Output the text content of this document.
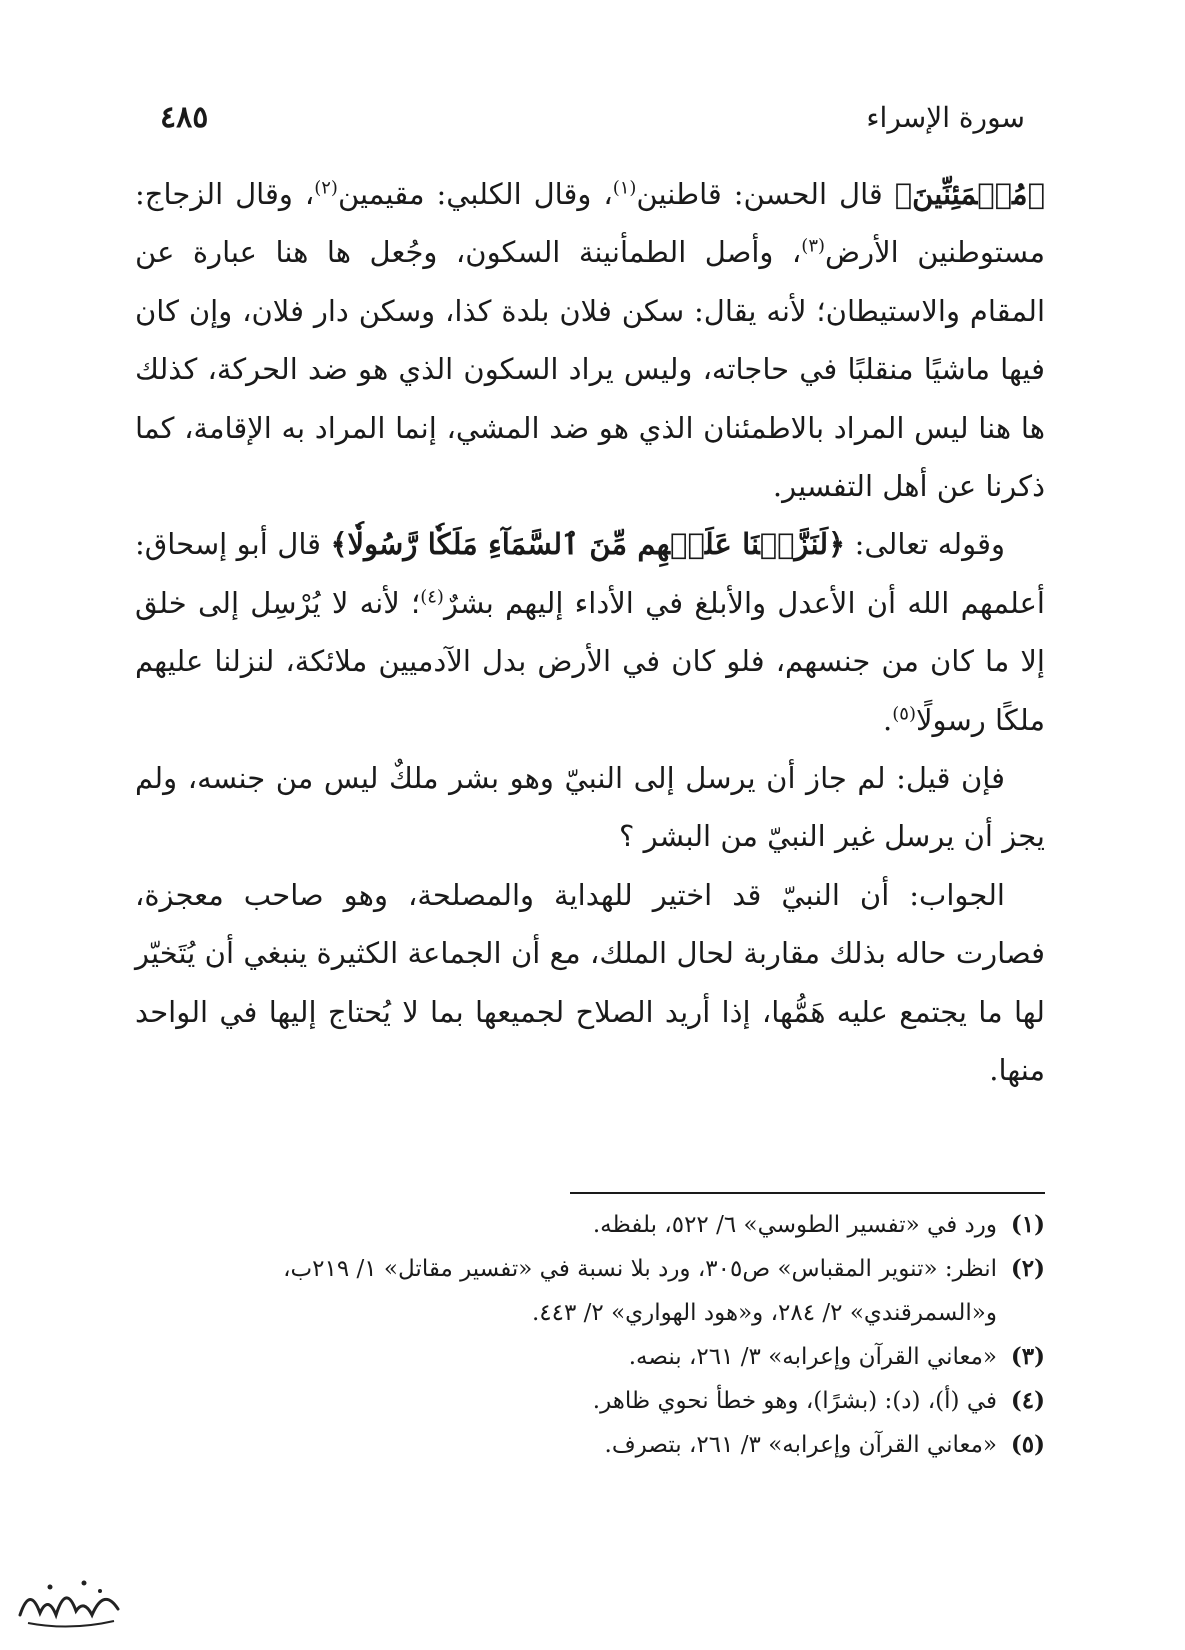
سورة الإسراء
٤٨٥

﴿مُطۡمَئِنِّينَ﴾ قال الحسن: قاطنين$^{(١)}$، وقال الكلبي: مقيمين$^{(٢)}$، وقال الزجاج: مستوطنين الأرض$^{(٣)}$، وأصل الطمأنينة السكون، وجُعل ها هنا عبارة عن المقام والاستيطان؛ لأنه يقال: سكن فلان بلدة كذا، وسكن دار فلان، وإن كان فيها ماشيًا منقلبًا في حاجاته، وليس يراد السكون الذي هو ضد الحركة، كذلك ها هنا ليس المراد بالاطمئنان الذي هو ضد المشي، إنما المراد به الإقامة، كما ذكرنا عن أهل التفسير.

وقوله تعالى: ﴿لَنَزَّلۡنَا عَلَيۡهِم مِّنَ ٱلسَّمَآءِ مَلَكٗا رَّسُولٗا﴾ قال أبو إسحاق: أعلمهم الله أن الأعدل والأبلغ في الأداء إليهم بشرٌ$^{(٤)}$؛ لأنه لا يُرْسِل إلى خلق إلا ما كان من جنسهم، فلو كان في الأرض بدل الآدميين ملائكة، لنزلنا عليهم ملكًا رسولًا$^{(٥)}$.

فإن قيل: لم جاز أن يرسل إلى النبيّ وهو بشر ملكٌ ليس من جنسه، ولم يجز أن يرسل غير النبيّ من البشر ؟

الجواب: أن النبيّ قد اختير للهداية والمصلحة، وهو صاحب معجزة، فصارت حاله بذلك مقاربة لحال الملك، مع أن الجماعة الكثيرة ينبغي أن يُتَخيّر لها ما يجتمع عليه هَمُّها، إذا أريد الصلاح لجميعها بما لا يُحتاج إليها في الواحد منها.

(١)
ورد في «تفسير الطوسي» ٦/ ٥٢٢، بلفظه.
(٢)
انظر: «تنوير المقباس» ص٣٠٥، ورد بلا نسبة في «تفسير مقاتل» ١/ ٢١٩ب، و«السمرقندي» ٢/ ٢٨٤، و«هود الهواري» ٢/ ٤٤٣.
(٣)
«معاني القرآن وإعرابه» ٣/ ٢٦١، بنصه.
(٤)
في (أ)، (د): (بشرًا)، وهو خطأ نحوي ظاهر.
(٥)
«معاني القرآن وإعرابه» ٣/ ٢٦١، بتصرف.
